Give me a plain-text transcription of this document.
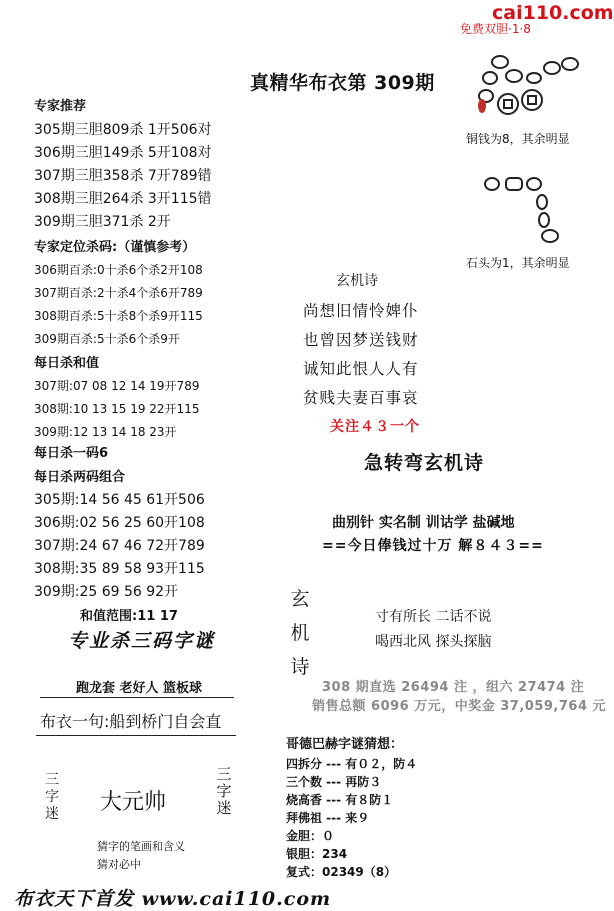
cai110.com
免费双胆·1·8
真精华布衣第 309期
专家推荐
305期三胆809杀 1开506对
306期三胆149杀 5开108对
307期三胆358杀 7开789错
308期三胆264杀 3开115错
309期三胆371杀 2开
专家定位杀码:（谨慎参考）
306期百杀:0十杀6个杀2开108
307期百杀:2十杀4个杀6开789
308期百杀:5十杀8个杀9开115
309期百杀:5十杀6个杀9开
每日杀和值
307期:07 08 12 14 19开789
308期:10 13 15 19 22开115
309期:12 13 14 18 23开
每日杀一码6
每日杀两码组合
305期:14 56 45 61开506
306期:02 56 25 60开108
307期:24 67 46 72开789
308期:35 89 58 93开115
309期:25 69 56 92开
和值范围:11 17
专业杀三码字谜
跑龙套 老好人 篮板球
布衣一句:船到桥门自会直
三字迷 大元帅
三字迷
猜字的笔画和含义
猜对必中
布衣天下首发 www.cai110.com
铜钱为8，其余明显
石头为1，其余明显
玄机诗
尚想旧情怜婢仆
也曾因梦送钱财
诚知此恨人人有
贫贱夫妻百事哀
关注４３一个
急转弯玄机诗
曲别针 实名制 训诂学 盐碱地
==今日俸钱过十万 解８４３==
玄机诗
寸有所长 二话不说
喝西北风 探头探脑
308 期直选 26494 注 ，组六 27474 注
销售总额 6096 万元，中奖金 37,059,764 元
哥德巴赫字谜猜想：
四拆分 --- 有０２，防４
三个数 --- 再防３
烧高香 --- 有８防１
拜佛祖 --- 来９
金胆：０
银胆：234
复式：02349（8）
